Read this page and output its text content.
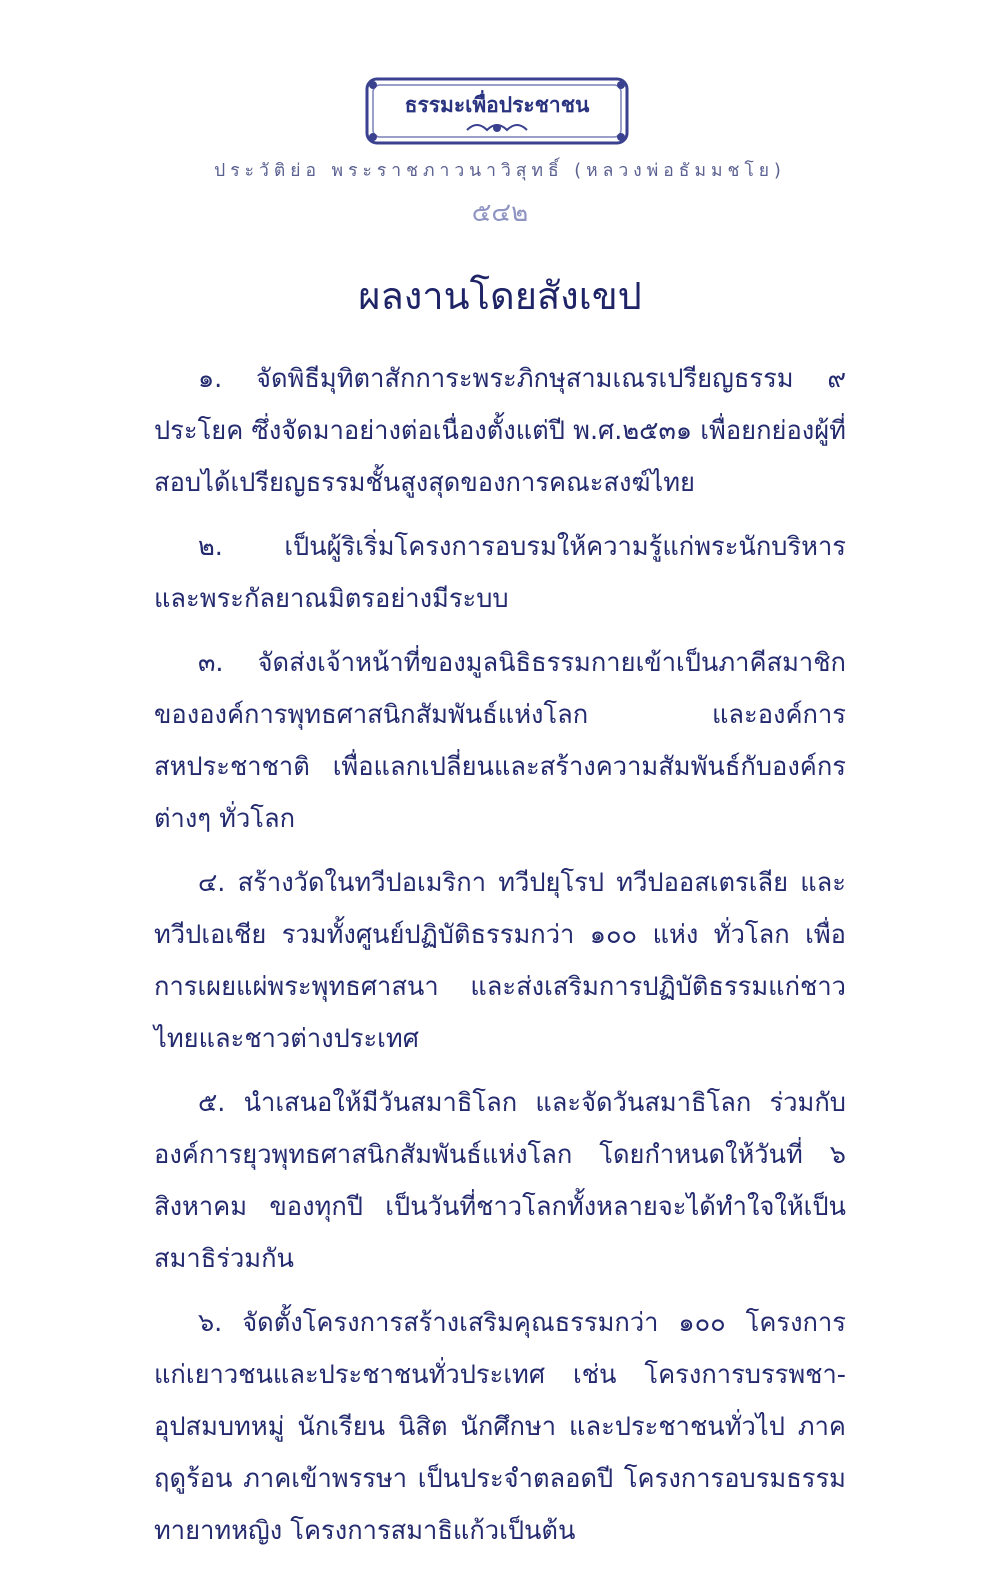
ธรรมะเพื่อประชาชน
ประวัติย่อ พระราชภาวนาวิสุทธิ์ (หลวงพ่อธัมมชโย)
๕๔๒
ผลงานโดยสังเขป

๑. จัดพิธีมุทิตาสักการะพระภิกษุสามเณรเปรียญธรรม ๙ ประโยค ซึ่งจัดมาอย่างต่อเนื่องตั้งแต่ปี พ.ศ.๒๕๓๑ เพื่อยกย่องผู้ที่สอบได้เปรียญธรรมชั้นสูงสุดของการคณะสงฆ์ไทย

๒. เป็นผู้ริเริ่มโครงการอบรมให้ความรู้แก่พระนักบริหาร และพระกัลยาณมิตรอย่างมีระบบ

๓. จัดส่งเจ้าหน้าที่ของมูลนิธิธรรมกายเข้าเป็นภาคีสมาชิกขององค์การพุทธศาสนิกสัมพันธ์แห่งโลก และองค์การสหประชาชาติ เพื่อแลกเปลี่ยนและสร้างความสัมพันธ์กับองค์กรต่างๆ ทั่วโลก

๔. สร้างวัดในทวีปอเมริกา ทวีปยุโรป ทวีปออสเตรเลีย และทวีปเอเชีย รวมทั้งศูนย์ปฏิบัติธรรมกว่า ๑๐๐ แห่ง ทั่วโลก เพื่อการเผยแผ่พระพุทธศาสนา และส่งเสริมการปฏิบัติธรรมแก่ชาวไทยและชาวต่างประเทศ

๕. นำเสนอให้มีวันสมาธิโลก และจัดวันสมาธิโลก ร่วมกับองค์การยุวพุทธศาสนิกสัมพันธ์แห่งโลก โดยกำหนดให้วันที่ ๖ สิงหาคม ของทุกปี เป็นวันที่ชาวโลกทั้งหลายจะได้ทำใจให้เป็นสมาธิร่วมกัน

๖. จัดตั้งโครงการสร้างเสริมคุณธรรมกว่า ๑๐๐ โครงการ แก่เยาวชนและประชาชนทั่วประเทศ เช่น โครงการบรรพชา-อุปสมบทหมู่ นักเรียน นิสิต นักศึกษา และประชาชนทั่วไป ภาคฤดูร้อน ภาคเข้าพรรษา เป็นประจำตลอดปี โครงการอบรมธรรมทายาทหญิง โครงการสมาธิแก้วเป็นต้น
